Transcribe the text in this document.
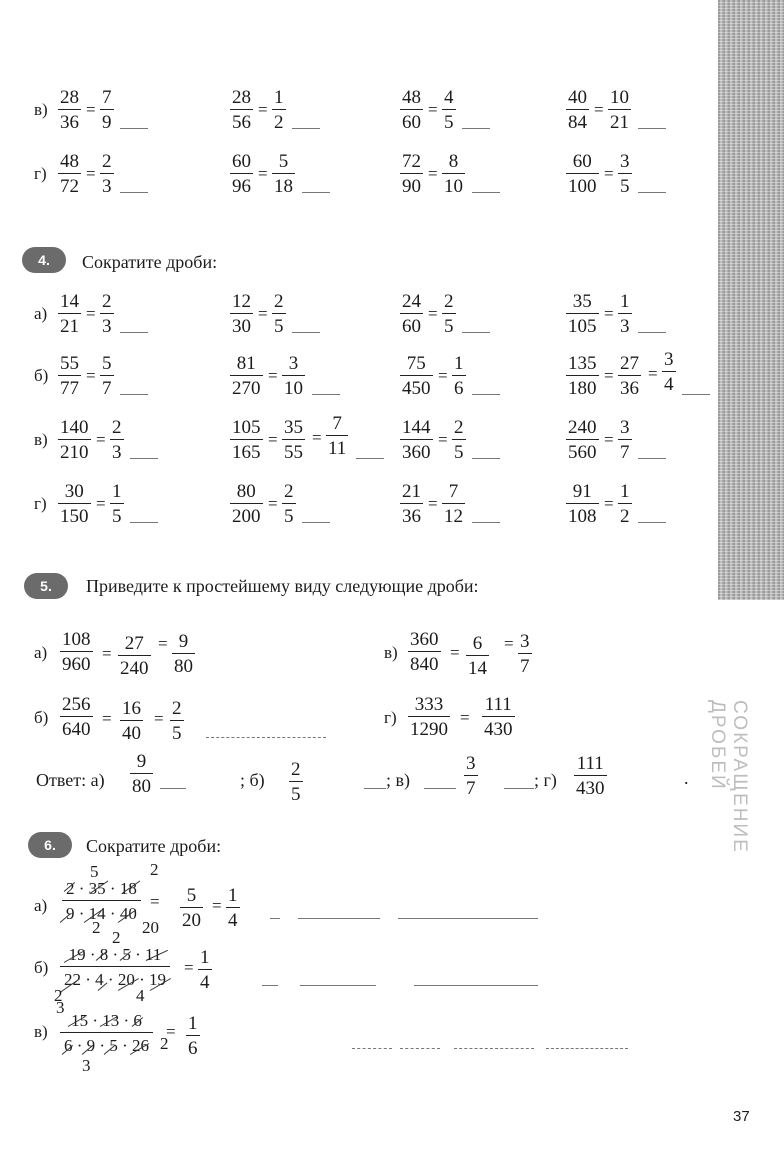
СОКРАЩЕНИЕ ДРОБЕЙ
37
$в) \frac{28}{36} = \frac{7}{9}$	$\frac{28}{56} = \frac{1}{2}$	$\frac{48}{60} = \frac{4}{5}$	$\frac{40}{84} = \frac{10}{21}$
$г) \frac{48}{72} = \frac{2}{3}$	$\frac{60}{96} = \frac{5}{18}$	$\frac{72}{90} = \frac{8}{10}$	$\frac{60}{100} = \frac{3}{5}$
4.	Сократите дроби:
$а) \frac{14}{21} = \frac{2}{3}$	$\frac{12}{30} = \frac{2}{5}$	$\frac{24}{60} = \frac{2}{5}$	$\frac{35}{105} = \frac{1}{3}$
$б) \frac{55}{77} = \frac{5}{7}$	$\frac{81}{270} = \frac{3}{10}$	$\frac{75}{450} = \frac{1}{6}$	$\frac{135}{180} = \frac{27}{36} = \frac{3}{4}$
$в) \frac{140}{210} = \frac{2}{3}$	$\frac{105}{165} = \frac{35}{55} = \frac{7}{11}$	$\frac{144}{360} = \frac{2}{5}$	$\frac{240}{560} = \frac{3}{7}$
$г) \frac{30}{150} = \frac{1}{5}$	$\frac{80}{200} = \frac{2}{5}$	$\frac{21}{36} = \frac{7}{12}$	$\frac{91}{108} = \frac{1}{2}$
5.	Приведите к простейшему виду следующие дроби:
$а) \frac{108}{960} = \frac{27}{240} = \frac{9}{80}$	$в) \frac{360}{840} = \frac{6}{14} = \frac{3}{7}$
$б) \frac{256}{640} = \frac{16}{40} = \frac{2}{5}$	$г) \frac{333}{1290} = \frac{111}{430}$
Ответ: $а) \frac{9}{80}$	; $б) \frac{2}{5}$	; в)	$\frac{3}{7}$	; $г) \frac{111}{430}$	.
6.	Сократите дроби:
а)
5	2
$\frac{2 \cdot 35 \cdot 18}{9 \cdot 14 \cdot 40}$
2
2
20
= $\frac{5}{20} = \frac{1}{4}$
$б) \frac{19 \cdot 8 \cdot 5 \cdot 11}{22 \cdot 4 \cdot 20 \cdot 19}$
2
3
4
= $\frac{1}{4}$
$в) \frac{15 \cdot 13 \cdot 6}{6 \cdot 9 \cdot 5 \cdot 26} 2$
3
= $\frac{1}{6}$
